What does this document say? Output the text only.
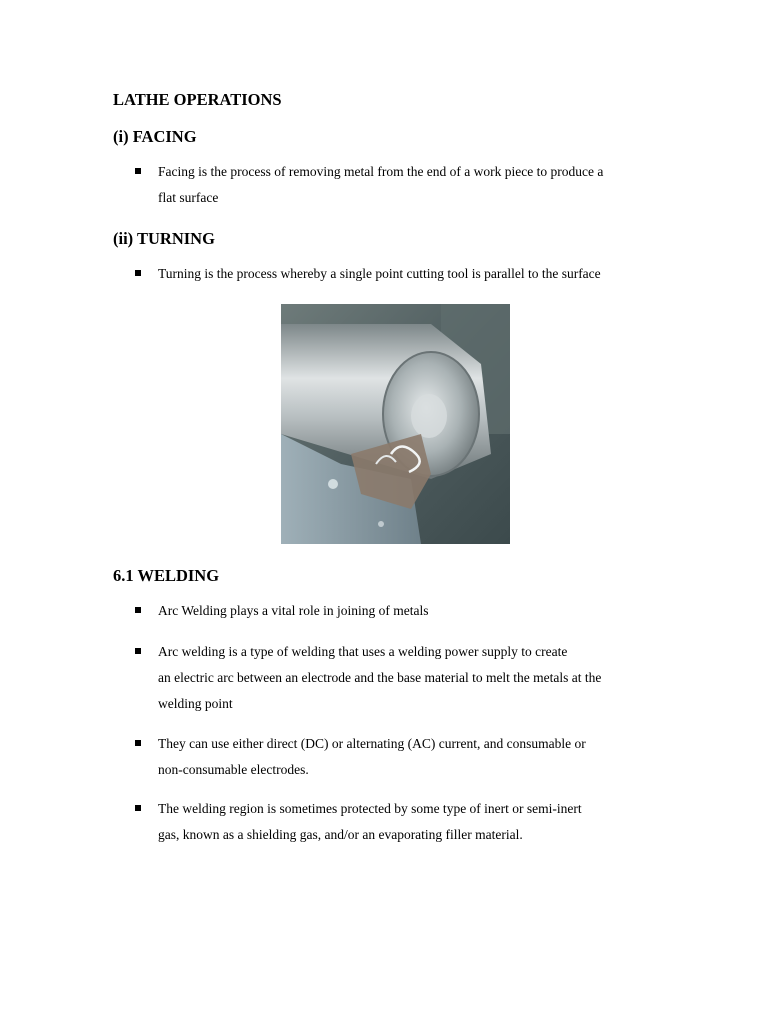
LATHE OPERATIONS
(i) FACING
Facing is the process of removing metal from the end of a work piece to produce a
flat surface
(ii) TURNING
Turning is the process whereby a single point cutting tool is parallel to the surface
6.1 WELDING
Arc Welding plays a vital role in joining of metals
Arc welding is a type of welding that uses a welding power supply to create
an electric arc between an electrode and the base material to melt the metals at the
welding point
They can use either direct (DC) or alternating (AC) current, and consumable or
non-consumable electrodes.
The welding region is sometimes protected by some type of inert or semi-inert
gas, known as a shielding gas, and/or an evaporating filler material.
